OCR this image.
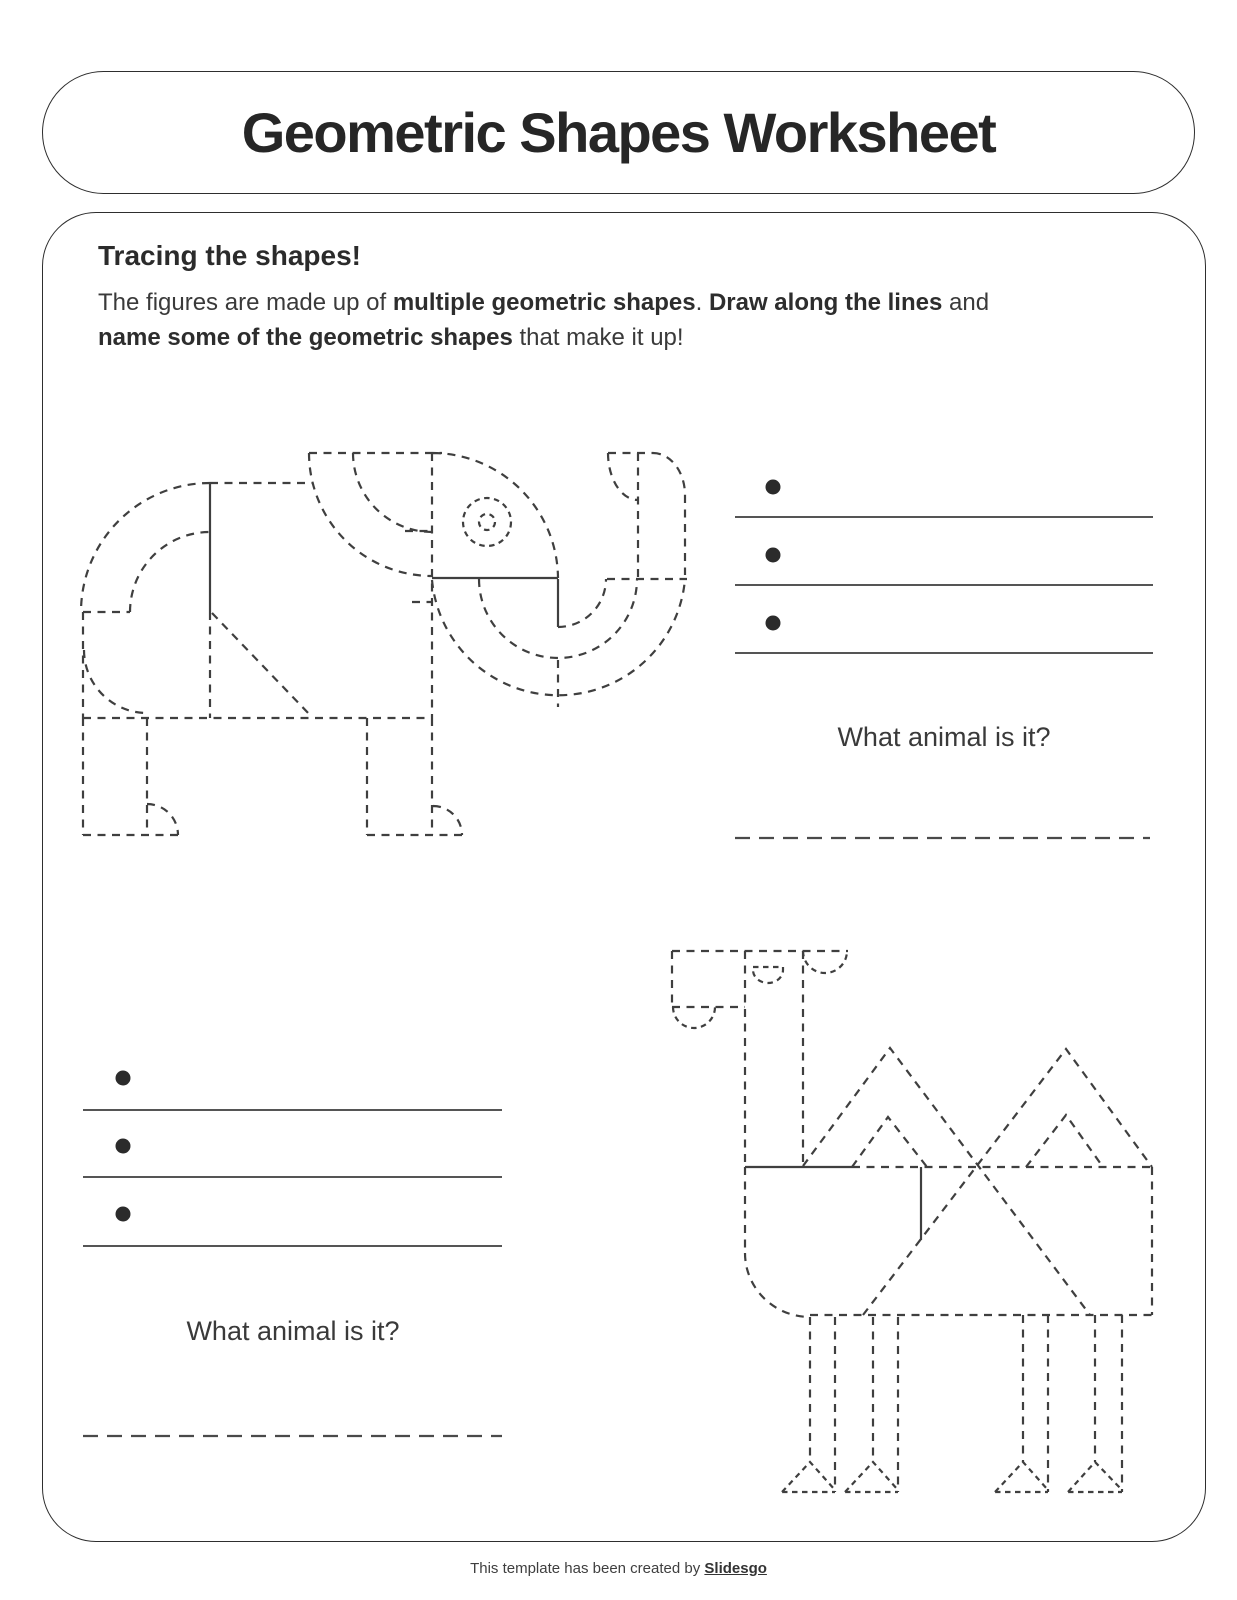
Geometric Shapes Worksheet
Tracing the shapes!
The figures are made up of multiple geometric shapes. Draw along the lines and name some of the geometric shapes that make it up!
What animal is it?
What animal is it?
This template has been created by Slidesgo
